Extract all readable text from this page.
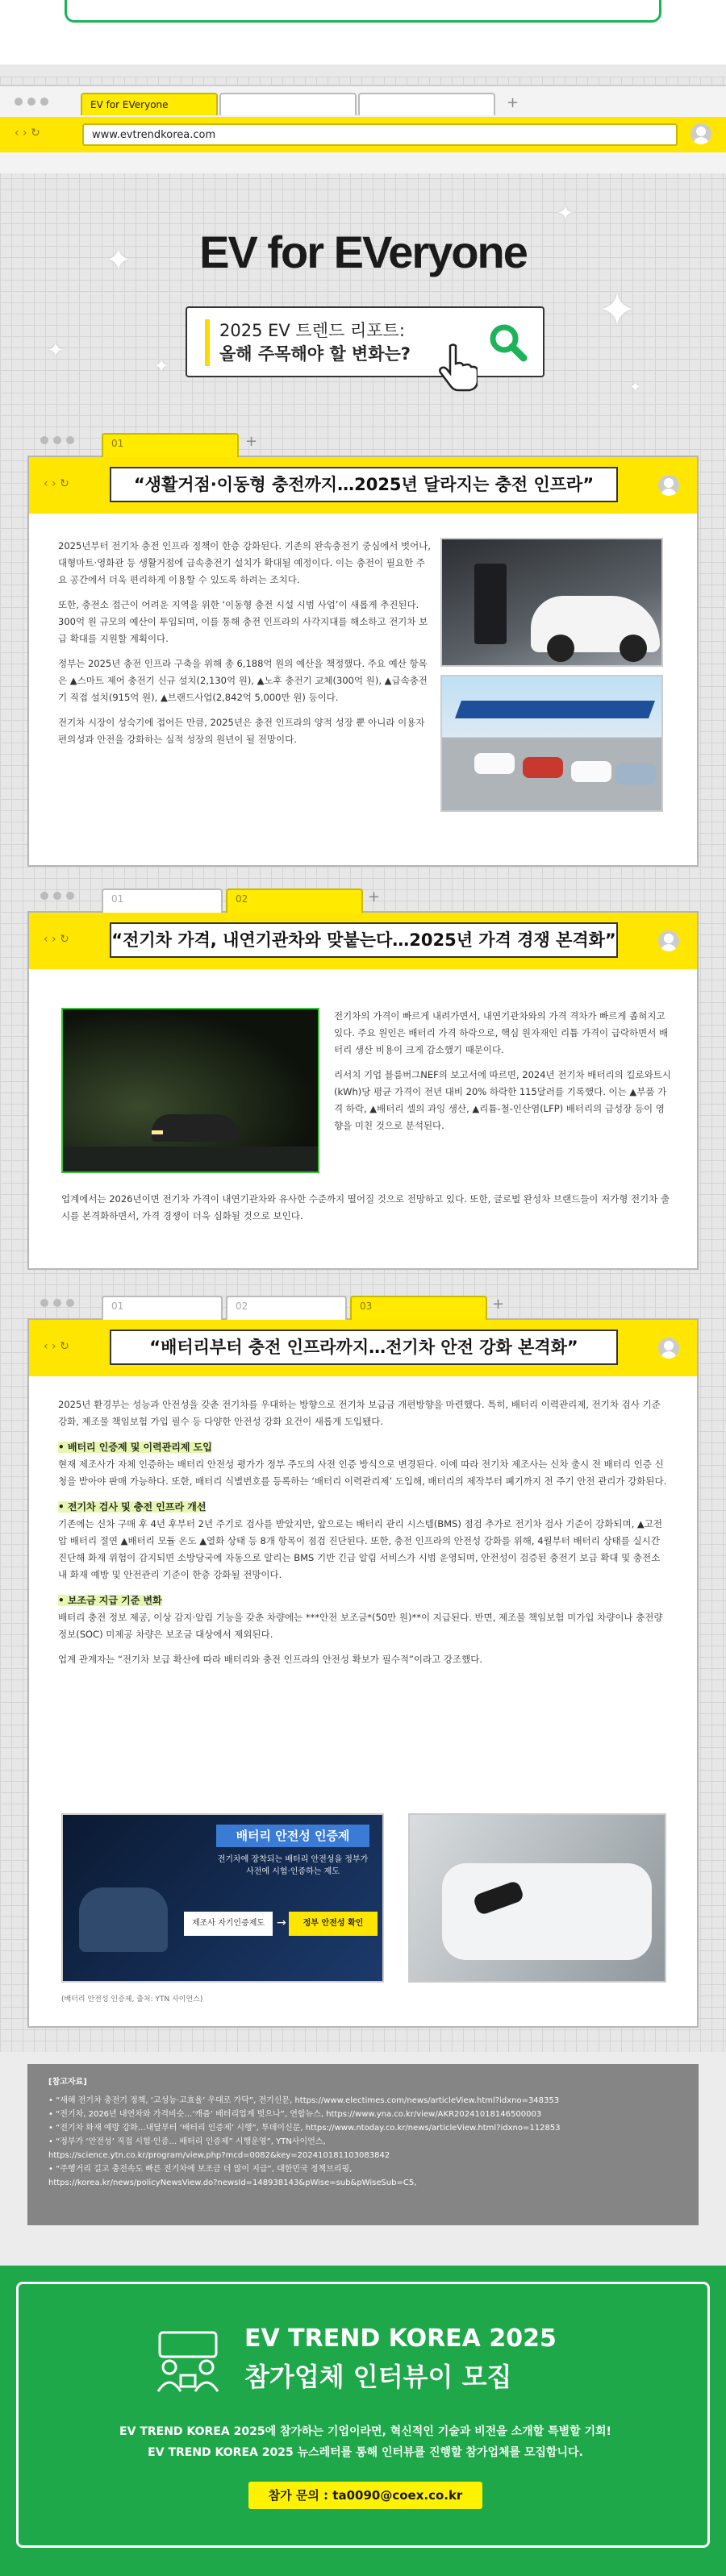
EV for EVeryone	+
‹ › ↻	www.evtrendkorea.com
✦
✦
✦
✦
✦
✦
EV for EVeryone
2025 EV 트렌드 리포트:
올해 주목해야 할 변화는?
01	+
‹ › ↻	“생활거점·이동형 충전까지…2025년 달라지는 충전 인프라”

2025년부터 전기차 충전 인프라 정책이 한층 강화된다. 기존의 완속충전기 중심에서 벗어나, 대형마트·영화관 등 생활거점에 급속충전기 설치가 확대될 예정이다. 이는 충전이 필요한 주요 공간에서 더욱 편리하게 이용할 수 있도록 하려는 조치다.

또한, 충전소 접근이 어려운 지역을 위한 ‘이동형 충전 시설 시범 사업’이 새롭게 추진된다. 300억 원 규모의 예산이 투입되며, 이를 통해 충전 인프라의 사각지대를 해소하고 전기차 보급 확대를 지원할 계획이다.

정부는 2025년 충전 인프라 구축을 위해 총 6,188억 원의 예산을 책정했다. 주요 예산 항목은 ▲스마트 제어 충전기 신규 설치(2,130억 원), ▲노후 충전기 교체(300억 원), ▲급속충전기 직접 설치(915억 원), ▲브랜드사업(2,842억 5,000만 원) 등이다.

전기차 시장이 성숙기에 접어든 만큼, 2025년은 충전 인프라의 양적 성장 뿐 아니라 이용자 편의성과 안전을 강화하는 실적 성장의 원년이 될 전망이다.

01	02	+
‹ › ↻ “전기차 가격, 내연기관차와 맞붙는다…2025년 가격 경쟁 본격화”

전기차의 가격이 빠르게 내려가면서, 내연기관차와의 가격 격차가 빠르게 좁혀지고 있다. 주요 원인은 배터리 가격 하락으로, 핵심 원자재인 리튬 가격이 급락하면서 배터리 생산 비용이 크게 감소했기 때문이다.

리서치 기업 블룸버그NEF의 보고서에 따르면, 2024년 전기차 배터리의 킬로와트시(kWh)당 평균 가격이 전년 대비 20% 하락한 115달러를 기록했다. 이는 ▲부품 가격 하락, ▲배터리 셀의 과잉 생산, ▲리튬-철-인산염(LFP) 배터리의 급성장 등이 영향을 미친 것으로 분석된다.

업계에서는 2026년이면 전기차 가격이 내연기관차와 유사한 수준까지 떨어질 것으로 전망하고 있다. 또한, 글로벌 완성차 브랜드들이 저가형 전기차 출시를 본격화하면서, 가격 경쟁이 더욱 심화될 것으로 보인다.

01	02	03	+
‹ › ↻	“배터리부터 충전 인프라까지…전기차 안전 강화 본격화”

2025년 환경부는 성능과 안전성을 갖춘 전기차를 우대하는 방향으로 전기차 보급금 개편방향을 마련했다. 특히, 배터리 이력관리제, 전기차 검사 기준 강화, 제조물 책임보험 가입 필수 등 다양한 안전성 강화 요건이 새롭게 도입됐다.

• 배터리 인증제 및 이력관리제 도입

현재 제조사가 자체 인증하는 배터리 안전성 평가가 정부 주도의 사전 인증 방식으로 변경된다. 이에 따라 전기차 제조사는 신차 출시 전 배터리 인증 신청을 받아야 판매 가능하다. 또한, 배터리 식별번호를 등록하는 ‘배터리 이력관리제’ 도입해, 배터리의 제작부터 폐기까지 전 주기 안전 관리가 강화된다.

• 전기차 검사 및 충전 인프라 개선

기존에는 신차 구매 후 4년 후부터 2년 주기로 검사를 받았지만, 앞으로는 배터리 관리 시스템(BMS) 점검 추가로 전기차 검사 기준이 강화되며, ▲고전압 배터리 절연 ▲배터리 모듈 온도 ▲열화 상태 등 8개 항목이 점검 진단된다. 또한, 충전 인프라의 안전성 강화를 위해, 4월부터 배터리 상태를 실시간 진단해 화재 위험이 감지되면 소방당국에 자동으로 알리는 BMS 기반 긴급 알림 서비스가 시범 운영되며, 안전성이 검증된 충전기 보급 확대 및 충전소 내 화재 예방 및 안전관리 기준이 한층 강화될 전망이다.

• 보조금 지급 기준 변화

배터리 충전 정보 제공, 이상 감지·알림 기능을 갖춘 차량에는 ***안전 보조금*(50만 원)**이 지급된다. 반면, 제조물 책임보험 미가입 차량이나 충전량 정보(SOC) 미제공 차량은 보조금 대상에서 제외된다.

업계 관계자는 “전기차 보급 확산에 따라 배터리와 충전 인프라의 안전성 확보가 필수적”이라고 강조했다.

배터리 안전성 인증제
전기차에 장착되는 배터리 안전성을 정부가 사전에 시험·인증하는 제도
제조사 자기인증제도	→	정부 안전성 확인
(배터리 안전성 인증제, 출처: YTN 사이언스)
[참고자료]
• “새해 전기차 충전기 정책, ‘고성능·고효율’ 우대로 가닥”, 전기신문, https://www.electimes.com/news/articleView.html?idxno=348353
• “전기차, 2026년 내연차와 가격비슷…‘캐즘’ 배터리업계 벗으나”, 연합뉴스, https://www.yna.co.kr/view/AKR20241018146500003
• “전기차 화재 예방 강화…내달부터 ‘배터리 인증제’ 시행”, 투데이신문, https://www.ntoday.co.kr/news/articleView.html?idxno=112853
• “정부가 ‘안전성’ 직접 시험·인증… 배터리 인증제” 시행운영”, YTN사이언스,
https://science.ytn.co.kr/program/view.php?mcd=0082&key=202410181103083842
• “주행거리 길고 충전속도 빠른 전기차에 보조금 더 많이 지급”, 대한민국 정책브리핑,
https://korea.kr/news/policyNewsView.do?newsId=148938143&pWise=sub&pWiseSub=C5,
EV TREND KOREA 2025
참가업체 인터뷰이 모집
EV TREND KOREA 2025에 참가하는 기업이라면, 혁신적인 기술과 비전을 소개할 특별할 기회!
EV TREND KOREA 2025 뉴스레터를 통해 인터뷰를 진행할 참가업체를 모집합니다.
참가 문의 : ta0090@coex.co.kr
